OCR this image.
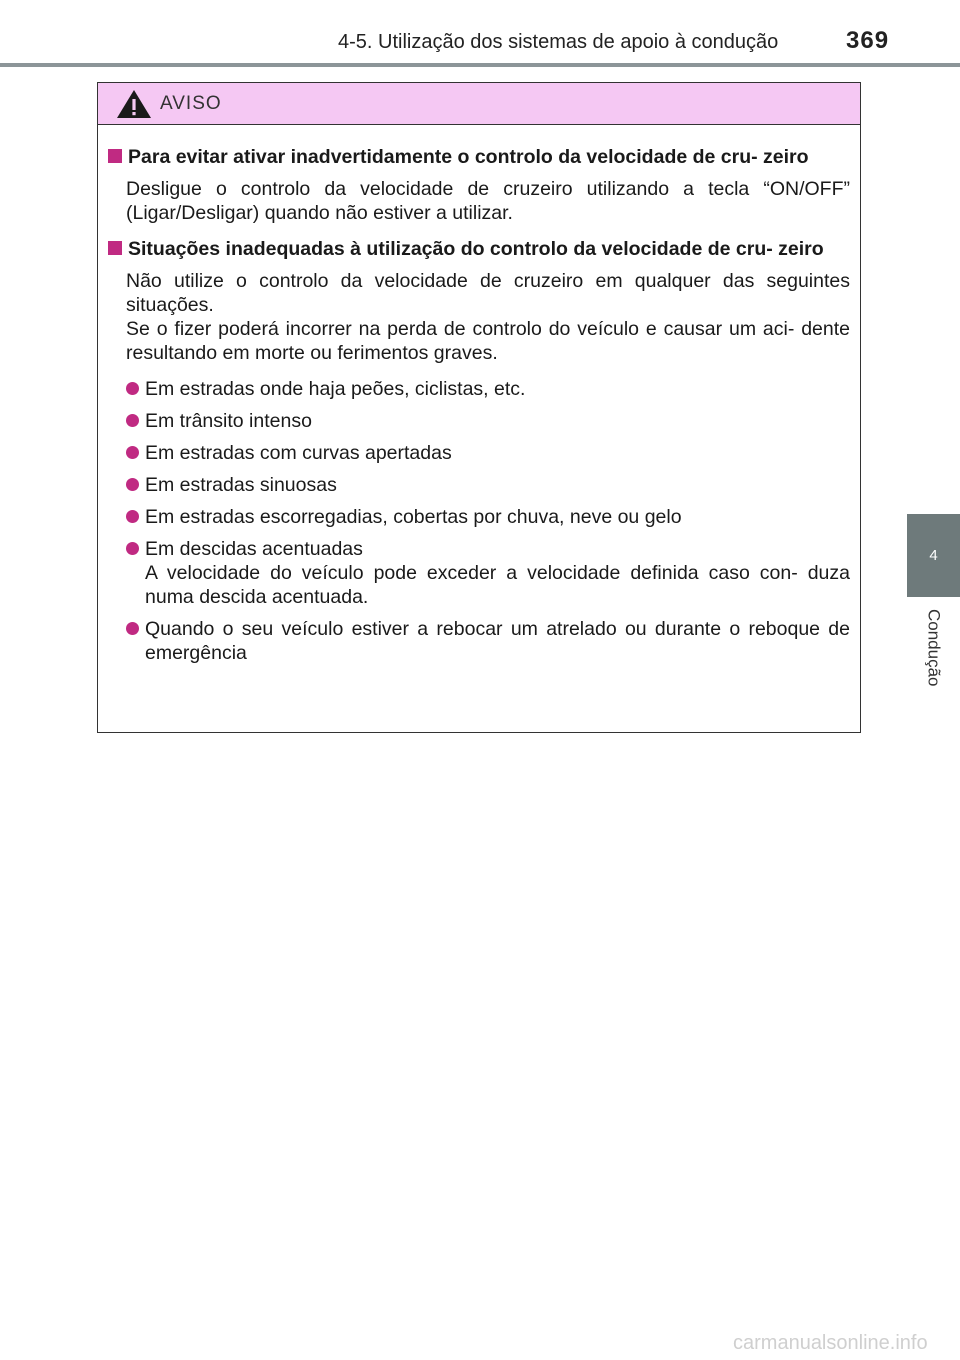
4-5. Utilização dos sistemas de apoio à condução	369
4
Condução
AVISO
Para evitar ativar inadvertidamente o controlo da velocidade de cru- zeiro
Desligue o controlo da velocidade de cruzeiro utilizando a tecla “ON/OFF” (Ligar/Desligar) quando não estiver a utilizar.
Situações inadequadas à utilização do controlo da velocidade de cru- zeiro
Não utilize o controlo da velocidade de cruzeiro em qualquer das seguintes situações.
Se o fizer poderá incorrer na perda de controlo do veículo e causar um aci- dente resultando em morte ou ferimentos graves.
Em estradas onde haja peões, ciclistas, etc.
Em trânsito intenso
Em estradas com curvas apertadas
Em estradas sinuosas
Em estradas escorregadias, cobertas por chuva, neve ou gelo
Em descidas acentuadas
A velocidade do veículo pode exceder a velocidade definida caso con- duza numa descida acentuada.
Quando o seu veículo estiver a rebocar um atrelado ou durante o reboque de emergência
carmanualsonline.info
